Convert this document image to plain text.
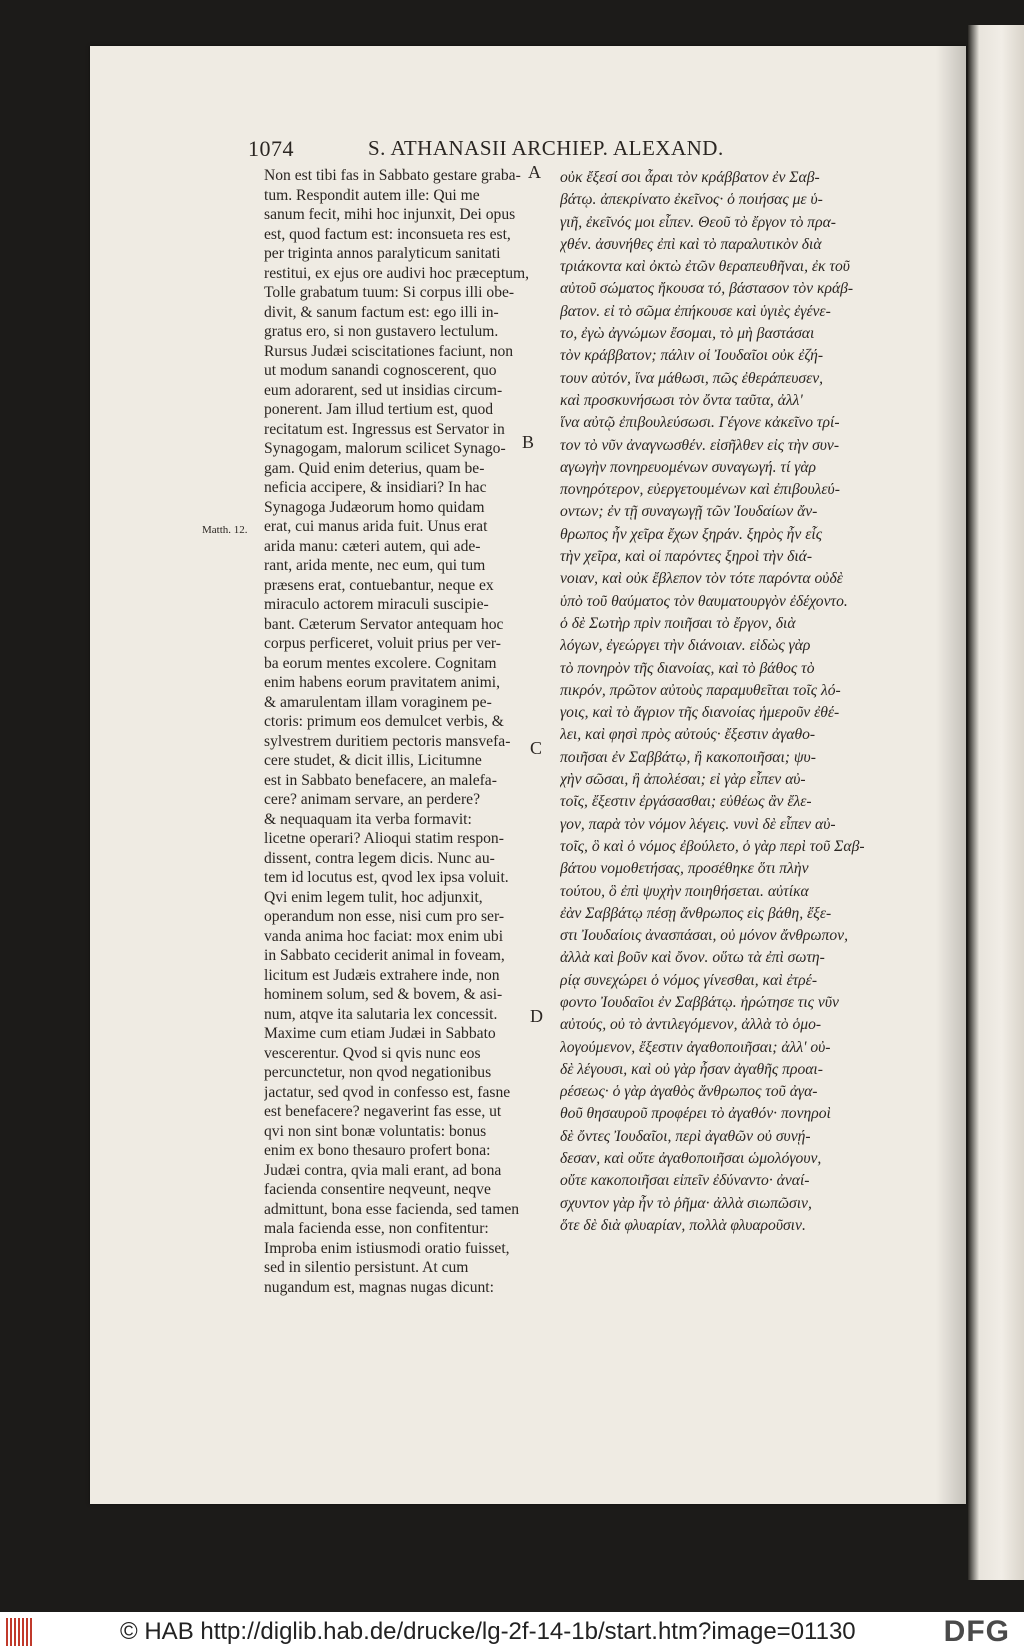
1074	S. ATHANASII ARCHIEP. ALEXAND.
A
B
C
D
Matth. 12.
Non est tibi fas in Sabbato gestare graba-
tum. Respondit autem ille: Qui me
sanum fecit, mihi hoc injunxit, Dei opus
est, quod factum est: inconsueta res est,
per triginta annos paralyticum sanitati
restitui, ex ejus ore audivi hoc præceptum,
Tolle grabatum tuum: Si corpus illi obe-
divit, & sanum factum est: ego illi in-
gratus ero, si non gustavero lectulum.
Rursus Judæi sciscitationes faciunt, non
ut modum sanandi cognoscerent, quo
eum adorarent, sed ut insidias circum-
ponerent. Jam illud tertium est, quod
recitatum est. Ingressus est Servator in
Synagogam, malorum scilicet Synago-
gam. Quid enim deterius, quam be-
neficia accipere, & insidiari? In hac
Synagoga Judæorum homo quidam
erat, cui manus arida fuit. Unus erat
arida manu: cæteri autem, qui ade-
rant, arida mente, nec eum, qui tum
præsens erat, contuebantur, neque ex
miraculo actorem miraculi suscipie-
bant. Cæterum Servator antequam hoc
corpus perficeret, voluit prius per ver-
ba eorum mentes excolere. Cognitam
enim habens eorum pravitatem animi,
& amarulentam illam voraginem pe-
ctoris: primum eos demulcet verbis, &
sylvestrem duritiem pectoris mansvefa-
cere studet, & dicit illis, Licitumne
est in Sabbato benefacere, an malefa-
cere? animam servare, an perdere?
& nequaquam ita verba formavit:
licetne operari? Alioqui statim respon-
dissent, contra legem dicis. Nunc au-
tem id locutus est, qvod lex ipsa voluit.
Qvi enim legem tulit, hoc adjunxit,
operandum non esse, nisi cum pro ser-
vanda anima hoc faciat: mox enim ubi
in Sabbato ceciderit animal in foveam,
licitum est Judæis extrahere inde, non
hominem solum, sed & bovem, & asi-
num, atqve ita salutaria lex concessit.
Maxime cum etiam Judæi in Sabbato
vescerentur. Qvod si qvis nunc eos
percunctetur, non qvod negationibus
jactatur, sed qvod in confesso est, fasne
est benefacere? negaverint fas esse, ut
qvi non sint bonæ voluntatis: bonus
enim ex bono thesauro profert bona:
Judæi contra, qvia mali erant, ad bona
facienda consentire neqveunt, neqve
admittunt, bona esse facienda, sed tamen
mala facienda esse, non confitentur:
Improba enim istiusmodi oratio fuisset,
sed in silentio persistunt. At cum
nugandum est, magnas nugas dicunt:
οὐκ ἔξεσί σοι ἆραι τὸν κράββατον ἐν Σαβ-
βάτῳ. ἀπεκρίνατο ἐκεῖνος· ὁ ποιήσας με ὑ-
γιῆ, ἐκεῖνός μοι εἶπεν. Θεοῦ τὸ ἔργον τὸ πρα-
χθέν. ἀσυνήθες ἐπὶ καὶ τὸ παραλυτικὸν διὰ
τριάκοντα καὶ ὀκτὼ ἐτῶν θεραπευθῆναι, ἐκ τοῦ
αὐτοῦ σώματος ἤκουσα τό, βάστασον τὸν κράβ-
βατον. εἰ τὸ σῶμα ἐπήκουσε καὶ ὑγιὲς ἐγένε-
το, ἐγὼ ἀγνώμων ἔσομαι, τὸ μὴ βαστάσαι
τὸν κράββατον; πάλιν οἱ Ἰουδαῖοι οὐκ ἐζή-
τουν αὐτόν, ἵνα μάθωσι, πῶς ἐθεράπευσεν,
καὶ προσκυνήσωσι τὸν ὄντα ταῦτα, ἀλλ'
ἵνα αὐτῷ ἐπιβουλεύσωσι. Γέγονε κἀκεῖνο τρί-
τον τὸ νῦν ἀναγνωσθέν. εἰσῆλθεν εἰς τὴν συν-
αγωγὴν πονηρευομένων συναγωγή. τί γὰρ
πονηρότερον, εὐεργετουμένων καὶ ἐπιβουλεύ-
οντων; ἐν τῇ συναγωγῇ τῶν Ἰουδαίων ἄν-
θρωπος ἦν χεῖρα ἔχων ξηράν. ξηρὸς ἦν εἷς
τὴν χεῖρα, καὶ οἱ παρόντες ξηροὶ τὴν διά-
νοιαν, καὶ οὐκ ἔβλεπον τὸν τότε παρόντα οὐδὲ
ὑπὸ τοῦ θαύματος τὸν θαυματουργὸν ἐδέχοντο.
ὁ δὲ Σωτὴρ πρὶν ποιῆσαι τὸ ἔργον, διὰ
λόγων, ἐγεώργει τὴν διάνοιαν. εἰδὼς γὰρ
τὸ πονηρὸν τῆς διανοίας, καὶ τὸ βάθος τὸ
πικρόν, πρῶτον αὐτοὺς παραμυθεῖται τοῖς λό-
γοις, καὶ τὸ ἄγριον τῆς διανοίας ἡμεροῦν ἐθέ-
λει, καὶ φησὶ πρὸς αὐτούς· ἔξεστιν ἀγαθο-
ποιῆσαι ἐν Σαββάτῳ, ἢ κακοποιῆσαι; ψυ-
χὴν σῶσαι, ἢ ἀπολέσαι; εἰ γὰρ εἶπεν αὐ-
τοῖς, ἔξεστιν ἐργάσασθαι; εὐθέως ἂν ἔλε-
γον, παρὰ τὸν νόμον λέγεις. νυνὶ δὲ εἶπεν αὐ-
τοῖς, ὃ καὶ ὁ νόμος ἐβούλετο, ὁ γὰρ περὶ τοῦ Σαβ-
βάτου νομοθετήσας, προσέθηκε ὅτι πλὴν
τούτου, ὃ ἐπὶ ψυχὴν ποιηθήσεται. αὐτίκα
ἐὰν Σαββάτῳ πέσῃ ἄνθρωπος εἰς βάθη, ἔξε-
στι Ἰουδαίοις ἀνασπάσαι, οὐ μόνον ἄνθρωπον,
ἀλλὰ καὶ βοῦν καὶ ὄνον. οὕτω τὰ ἐπὶ σωτη-
ρίᾳ συνεχώρει ὁ νόμος γίνεσθαι, καὶ ἐτρέ-
φοντο Ἰουδαῖοι ἐν Σαββάτῳ. ἠρώτησε τις νῦν
αὐτούς, οὐ τὸ ἀντιλεγόμενον, ἀλλὰ τὸ ὁμο-
λογούμενον, ἔξεστιν ἀγαθοποιῆσαι; ἀλλ' οὐ-
δὲ λέγουσι, καὶ οὐ γὰρ ἦσαν ἀγαθῆς προαι-
ρέσεως· ὁ γὰρ ἀγαθὸς ἄνθρωπος τοῦ ἀγα-
θοῦ θησαυροῦ προφέρει τὸ ἀγαθόν· πονηροὶ
δὲ ὄντες Ἰουδαῖοι, περὶ ἀγαθῶν οὐ συνῄ-
δεσαν, καὶ οὔτε ἀγαθοποιῆσαι ὡμολόγουν,
οὔτε κακοποιῆσαι εἰπεῖν ἐδύναντο· ἀναί-
σχυντον γὰρ ἦν τὸ ῥῆμα· ἀλλὰ σιωπῶσιν,
ὅτε δὲ διὰ φλυαρίαν, πολλὰ φλυαροῦσιν.
© HAB http://diglib.hab.de/drucke/lg-2f-14-1b/start.htm?image=01130	DFG
